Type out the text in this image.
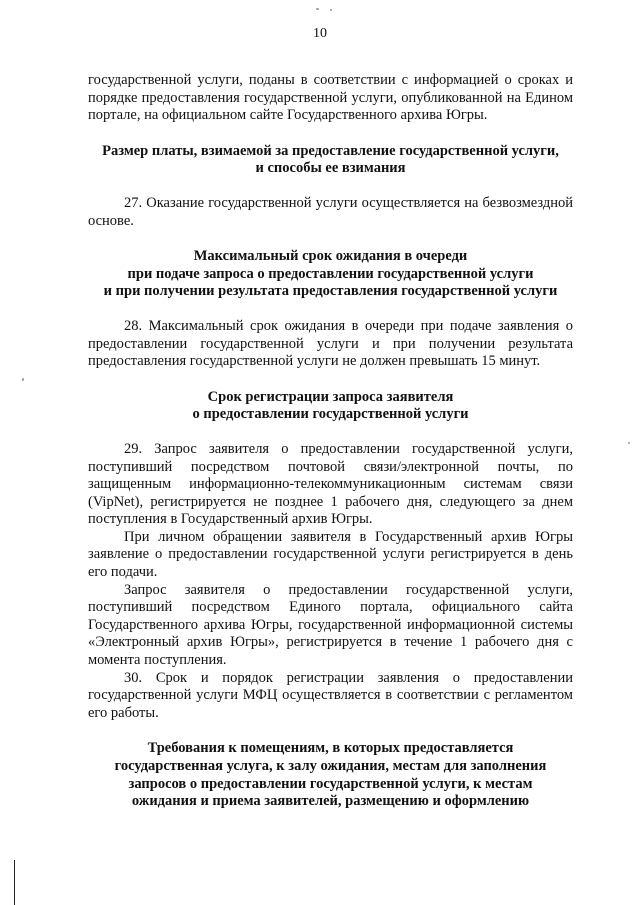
10

государственной услуги, поданы в соответствии с информацией о сроках и порядке предоставления государственной услуги, опубликованной на Едином портале, на официальном сайте Государственного архива Югры.

Размер платы, взимаемой за предоставление государственной услуги,
и способы ее взимания

27. Оказание государственной услуги осуществляется на безвозмездной основе.

Максимальный срок ожидания в очереди
при подаче запроса о предоставлении государственной услуги
и при получении результата предоставления государственной услуги

28. Максимальный срок ожидания в очереди при подаче заявления о предоставлении государственной услуги и при получении результата предоставления государственной услуги не должен превышать 15 минут.

Срок регистрации запроса заявителя
о предоставлении государственной услуги

29. Запрос заявителя о предоставлении государственной услуги, поступивший посредством почтовой связи/электронной почты, по защищенным информационно-телекоммуникационным системам связи (VipNet), регистрируется не позднее 1 рабочего дня, следующего за днем поступления в Государственный архив Югры.

При личном обращении заявителя в Государственный архив Югры заявление о предоставлении государственной услуги регистрируется в день его подачи.

Запрос заявителя о предоставлении государственной услуги, поступивший посредством Единого портала, официального сайта Государственного архива Югры, государственной информационной системы «Электронный архив Югры», регистрируется в течение 1 рабочего дня с момента поступления.

30. Срок и порядок регистрации заявления о предоставлении государственной услуги МФЦ осуществляется в соответствии с регламентом его работы.

Требования к помещениям, в которых предоставляется
государственная услуга, к залу ожидания, местам для заполнения
запросов о предоставлении государственной услуги, к местам
ожидания и приема заявителей, размещению и оформлению
